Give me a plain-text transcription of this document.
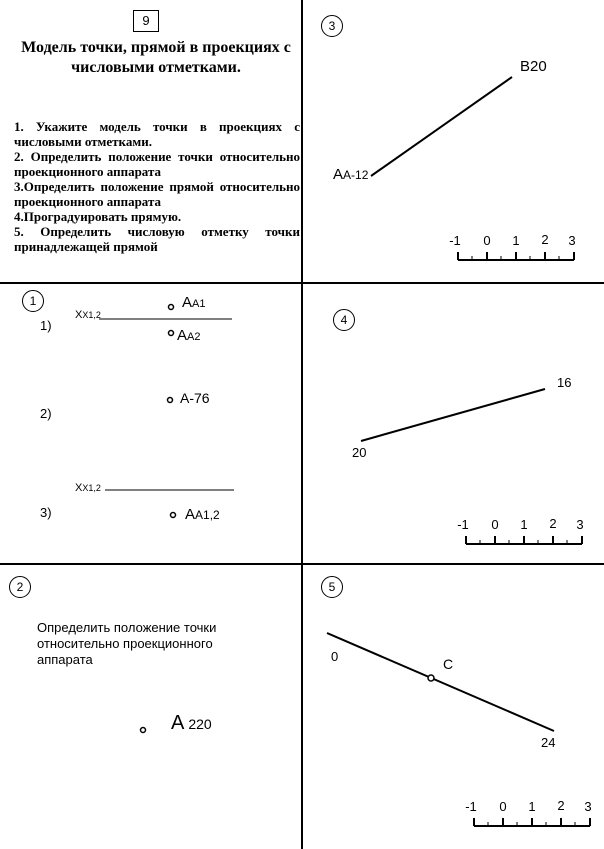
9
Модель точки, прямой в проекциях с числовыми отметками.
1. Укажите модель точки в проекциях с числовыми отметками.
2. Определить положение точки относительно проекционного аппарата
3.Определить положение прямой относительно проекционного аппарата
4.Проградуировать прямую.
5. Определить числовую отметку точки принадлежащей прямой
3
AA-12
B20
-1 0 1 2 3
1
1)
XX1,2
AA1
AA2
2)
A-76
3)
XX1,2
AA1,2
4
20
16
-1 0 1 2 3
2
Определить положение точки относительно проекционного аппарата
A 220
5
0	C
24
-1 0 1 2 3
